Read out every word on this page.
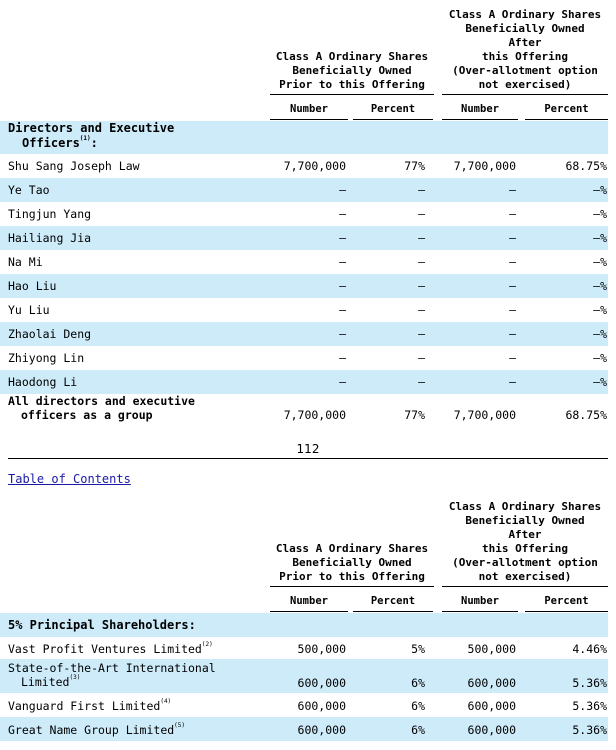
Class A Ordinary Shares
Beneficially Owned
After
this Offering
(Over-allotment option
not exercised)
Class A Ordinary Shares
Beneficially Owned
Prior to this Offering
Number	Percent	Number	Percent
Directors and Executive
Officers$^{(1)}$:
Shu Sang Joseph Law	7,700,000	77% 7,700,000	68.75%
Ye Tao	—	—	—	—%
Tingjun Yang	—	—	—	—%
Hailiang Jia	—	—	—	—%
Na Mi	—	—	—	—%
Hao Liu	—	—	—	—%
Yu Liu	—	—	—	—%
Zhaolai Deng	—	—	—	—%
Zhiyong Lin	—	—	—	—%
Haodong Li	—	—	—	—%
All directors and executive
officers as a group	7,700,000	77% 7,700,000	68.75%
112
Table of Contents
Class A Ordinary Shares
Beneficially Owned
After
this Offering
(Over-allotment option
not exercised)
Class A Ordinary Shares
Beneficially Owned
Prior to this Offering
Number	Percent	Number	Percent
5% Principal Shareholders:
Vast Profit Ventures Limited$^{(2)}$	500,000	5%	500,000	4.46%
State-of-the-Art International
Limited$^{(3)}$	600,000	6%	600,000	5.36%
Vanguard First Limited$^{(4)}$	600,000	6%	600,000	5.36%
Great Name Group Limited$^{(5)}$	600,000	6%	600,000	5.36%
